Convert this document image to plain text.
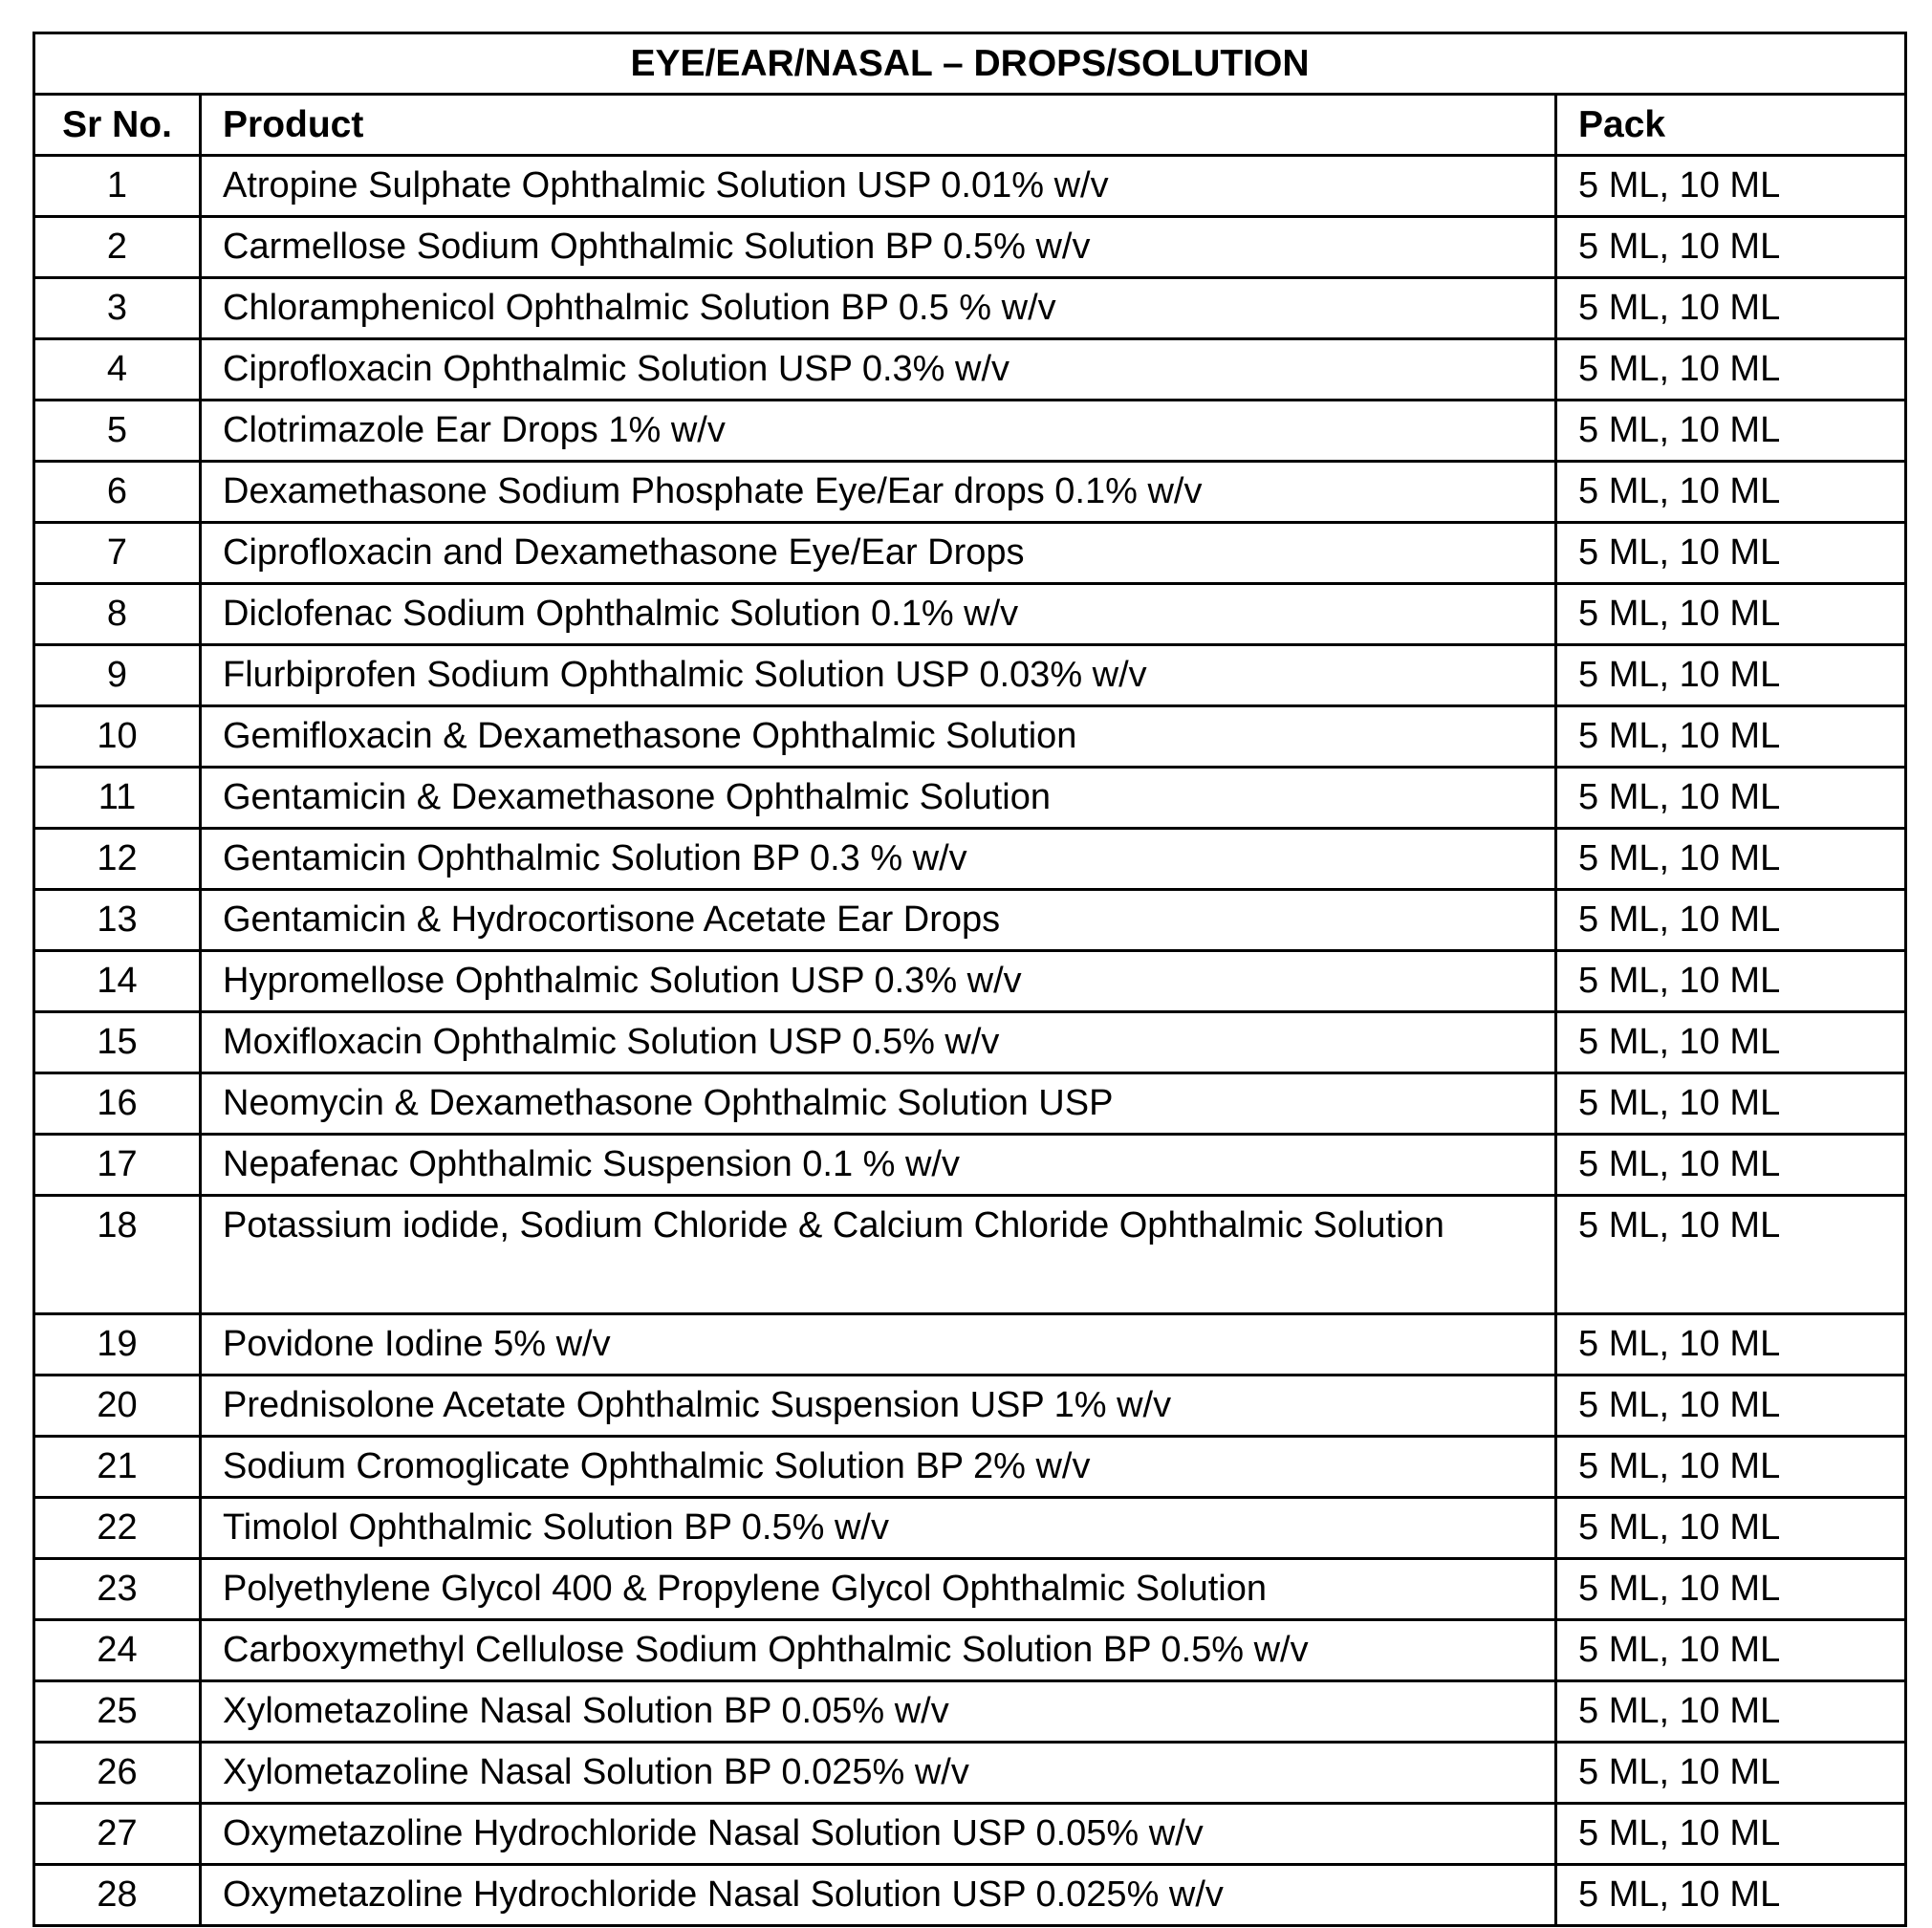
EYE/EAR/NASAL – DROPS/SOLUTION		
Sr No.	Product	Pack
1	Atropine Sulphate Ophthalmic Solution USP 0.01% w/v	5 ML, 10 ML
2	Carmellose Sodium Ophthalmic Solution BP 0.5% w/v	5 ML, 10 ML
3	Chloramphenicol Ophthalmic Solution BP 0.5 % w/v	5 ML, 10 ML
4	Ciprofloxacin Ophthalmic Solution USP 0.3% w/v	5 ML, 10 ML
5	Clotrimazole Ear Drops 1% w/v	5 ML, 10 ML
6	Dexamethasone Sodium Phosphate Eye/Ear drops 0.1% w/v	5 ML, 10 ML
7	Ciprofloxacin and Dexamethasone Eye/Ear Drops	5 ML, 10 ML
8	Diclofenac Sodium Ophthalmic Solution 0.1% w/v	5 ML, 10 ML
9	Flurbiprofen Sodium Ophthalmic Solution USP 0.03% w/v	5 ML, 10 ML
10	Gemifloxacin & Dexamethasone Ophthalmic Solution	5 ML, 10 ML
11	Gentamicin & Dexamethasone Ophthalmic Solution	5 ML, 10 ML
12	Gentamicin Ophthalmic Solution BP 0.3 % w/v	5 ML, 10 ML
13	Gentamicin & Hydrocortisone Acetate Ear Drops	5 ML, 10 ML
14	Hypromellose Ophthalmic Solution USP 0.3% w/v	5 ML, 10 ML
15	Moxifloxacin Ophthalmic Solution USP 0.5% w/v	5 ML, 10 ML
16	Neomycin & Dexamethasone Ophthalmic Solution USP	5 ML, 10 ML
17	Nepafenac Ophthalmic Suspension 0.1 % w/v	5 ML, 10 ML
18	Potassium iodide, Sodium Chloride & Calcium Chloride Ophthalmic Solution	5 ML, 10 ML
19	Povidone Iodine 5% w/v	5 ML, 10 ML
20	Prednisolone Acetate Ophthalmic Suspension USP 1% w/v	5 ML, 10 ML
21	Sodium Cromoglicate Ophthalmic Solution BP 2% w/v	5 ML, 10 ML
22	Timolol Ophthalmic Solution BP 0.5% w/v	5 ML, 10 ML
23	Polyethylene Glycol 400 & Propylene Glycol Ophthalmic Solution	5 ML, 10 ML
24	Carboxymethyl Cellulose Sodium Ophthalmic Solution BP 0.5% w/v	5 ML, 10 ML
25	Xylometazoline Nasal Solution BP 0.05% w/v	5 ML, 10 ML
26	Xylometazoline Nasal Solution BP 0.025% w/v	5 ML, 10 ML
27	Oxymetazoline Hydrochloride Nasal Solution USP 0.05% w/v	5 ML, 10 ML
28	Oxymetazoline Hydrochloride Nasal Solution USP 0.025% w/v	5 ML, 10 ML
